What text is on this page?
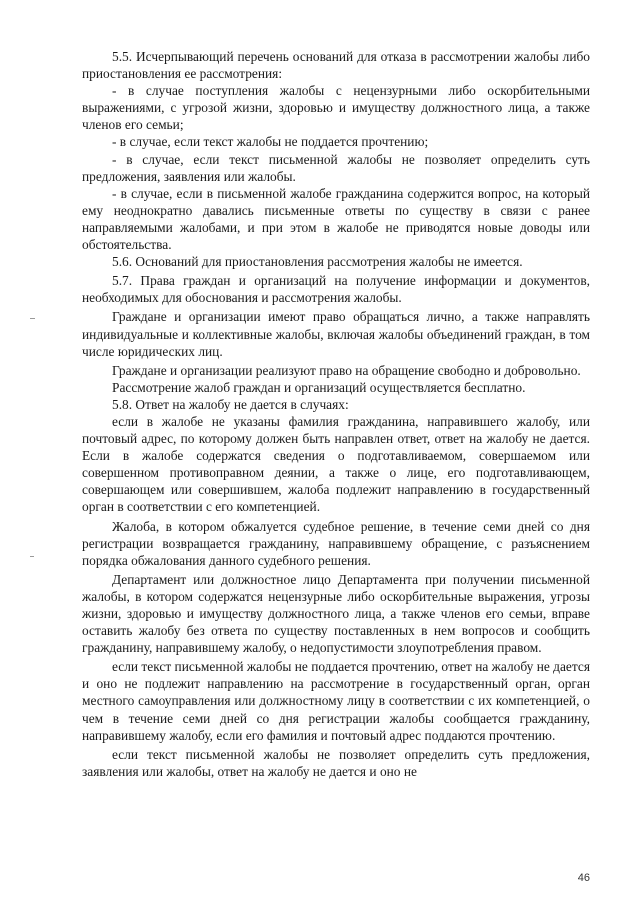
5.5. Исчерпывающий перечень оснований для отказа в рассмотрении жалобы либо приостановления ее рассмотрения:

- в случае поступления жалобы с нецензурными либо оскорбительными выражениями, с угрозой жизни, здоровью и имуществу должностного лица, а также членов его семьи;

- в случае, если текст жалобы не поддается прочтению;

- в случае, если текст письменной жалобы не позволяет определить суть предложения, заявления или жалобы.

- в случае, если в письменной жалобе гражданина содержится вопрос, на который ему неоднократно давались письменные ответы по существу в связи с ранее направляемыми жалобами, и при этом в жалобе не приводятся новые доводы или обстоятельства.

5.6. Оснований для приостановления рассмотрения жалобы не имеется.

5.7. Права граждан и организаций на получение информации и документов, необходимых для обоснования и рассмотрения жалобы.

Граждане и организации имеют право обращаться лично, а также направлять индивидуальные и коллективные жалобы, включая жалобы объединений граждан, в том числе юридических лиц.

Граждане и организации реализуют право на обращение свободно и добровольно.

Рассмотрение жалоб граждан и организаций осуществляется бесплатно.

5.8. Ответ на жалобу не дается в случаях:

если в жалобе не указаны фамилия гражданина, направившего жалобу, или почтовый адрес, по которому должен быть направлен ответ, ответ на жалобу не дается. Если в жалобе содержатся сведения о подготавливаемом, совершаемом или совершенном противоправном деянии, а также о лице, его подготавливающем, совершающем или совершившем, жалоба подлежит направлению в государственный орган в соответствии с его компетенцией.

Жалоба, в котором обжалуется судебное решение, в течение семи дней со дня регистрации возвращается гражданину, направившему обращение, с разъяснением порядка обжалования данного судебного решения.

Департамент или должностное лицо Департамента при получении письменной жалобы, в котором содержатся нецензурные либо оскорбительные выражения, угрозы жизни, здоровью и имуществу должностного лица, а также членов его семьи, вправе оставить жалобу без ответа по существу поставленных в нем вопросов и сообщить гражданину, направившему жалобу, о недопустимости злоупотребления правом.

если текст письменной жалобы не поддается прочтению, ответ на жалобу не дается и оно не подлежит направлению на рассмотрение в государственный орган, орган местного самоуправления или должностному лицу в соответствии с их компетенцией, о чем в течение семи дней со дня регистрации жалобы сообщается гражданину, направившему жалобу, если его фамилия и почтовый адрес поддаются прочтению.

если текст письменной жалобы не позволяет определить суть предложения, заявления или жалобы, ответ на жалобу не дается и оно не

46
